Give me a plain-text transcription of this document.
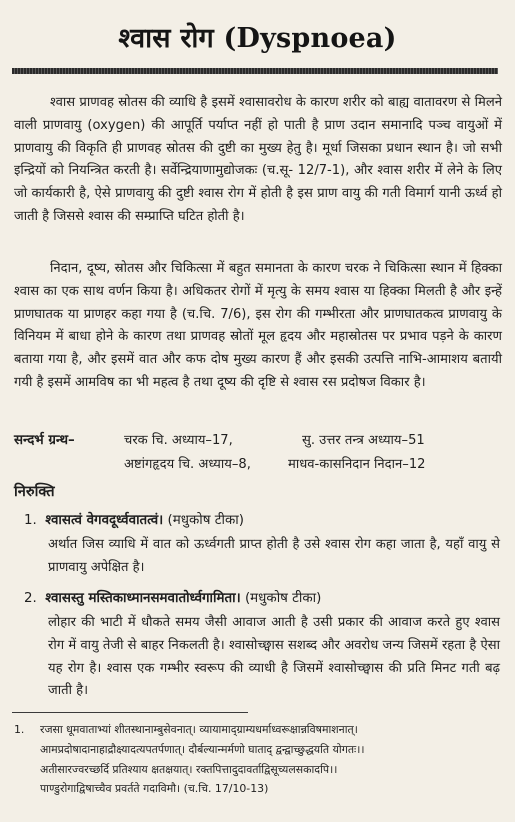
श्वास रोग (Dyspnoea)

श्वास प्राणवह स्रोतस की व्याधि है इसमें श्वासावरोध के कारण शरीर को बाह्य वातावरण से मिलने वाली प्राणवायु (oxygen) की आपूर्ति पर्याप्त नहीं हो पाती है प्राण उदान समानादि पञ्च वायुओं में प्राणवायु की विकृति ही प्राणवह स्रोतस की दुष्टी का मुख्य हेतु है। मूर्धा जिसका प्रधान स्थान है। जो सभी इन्द्रियों को नियन्त्रित करती है। सर्वेन्द्रियाणामुद्योजकः (च.सू- 12/7-1), और श्वास शरीर में लेने के लिए जो कार्यकारी है, ऐसे प्राणवायु की दुष्टी श्वास रोग में होती है इस प्राण वायु की गती विमार्ग यानी ऊर्ध्व हो जाती है जिससे श्वास की सम्प्राप्ति घटित होती है।

निदान, दूष्य, स्रोतस और चिकित्सा में बहुत समानता के कारण चरक ने चिकित्सा स्थान में हिक्का श्वास का एक साथ वर्णन किया है। अधिकतर रोगों में मृत्यु के समय श्वास या हिक्का मिलती है और इन्हें प्राणघातक या प्राणहर कहा गया है (च.चि. 7/6), इस रोग की गम्भीरता और प्राणघातकत्व प्राणवायु के विनियम में बाधा होने के कारण तथा प्राणवह स्रोतों मूल हृदय और महास्रोतस पर प्रभाव पड़ने के कारण बताया गया है, और इसमें वात और कफ दोष मुख्य कारण हैं और इसकी उत्पत्ति नाभि-आमाशय बतायी गयी है इसमें आमविष का भी महत्व है तथा दूष्य की दृष्टि से श्वास रस प्रदोषज विकार है।

सन्दर्भ ग्रन्थ–	चरक चि. अध्याय–17,	सु. उत्तर तन्त्र अध्याय–51
अष्टांगहृदय चि. अध्याय–8,	माधव-कासनिदान निदान–12
निरुक्ति
1. श्वासत्वं वेगवदूर्ध्ववातत्वं। (मधुकोष टीका)

अर्थात जिस व्याधि में वात को ऊर्ध्वगती प्राप्त होती है उसे श्वास रोग कहा जाता है, यहाँ वायु से प्राणवायु अपेक्षित है।

2. श्वासस्तु मस्तिकाध्मानसमवातोर्ध्वगामिता। (मधुकोष टीका)

लोहार की भाटी में धौकते समय जैसी आवाज आती है उसी प्रकार की आवाज करते हुए श्वास रोग में वायु तेजी से बाहर निकलती है। श्वासोच्छ्वास सशब्द और अवरोध जन्य जिसमें रहता है ऐसा यह रोग है। श्वास एक गम्भीर स्वरूप की व्याधी है जिसमें श्वासोच्छ्वास की प्रति मिनट गती बढ़ जाती है।

1. रजसा धूमवाताभ्यां शीतस्थानाम्बुसेवनात्। व्यायामाद्ग्राम्यधर्माध्वरूक्षान्नविषमाशनात्।
आमप्रदोषादानाहाद्रौक्ष्यादत्यपतर्पणात्। दौर्बल्यान्मर्मणो घाताद् द्वन्द्वाच्छुद्धयति योगतः।।
अतीसारज्वरच्छर्दि प्रतिश्याय क्षतक्षयात्। रक्तपित्तादुदावर्ताद्विसूच्यलसकादपि।।
पाण्डुरोगाद्विषाच्चैव प्रवर्तते गदाविमौ। (च.चि. 17/10-13)
